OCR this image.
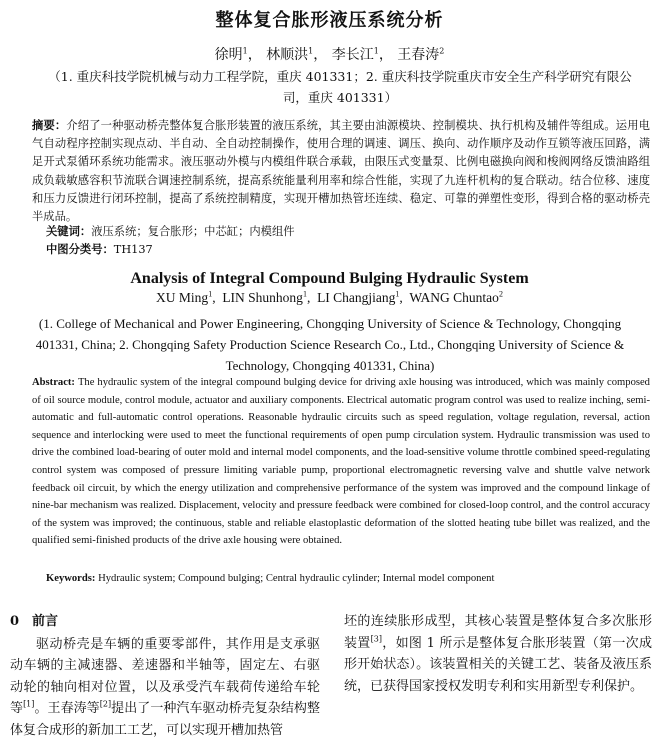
整体复合胀形液压系统分析
徐明$^1$， 林顺洪$^1$， 李长江$^1$， 王春涛$^2$
（1. 重庆科技学院机械与动力工程学院，重庆 401331；2. 重庆科技学院重庆市安全生产科学研究有限公司，重庆 401331）
摘要：介绍了一种驱动桥壳整体复合胀形装置的液压系统，其主要由油源模块、控制模块、执行机构及辅件等组成。运用电气自动程序控制实现点动、半自动、全自动控制操作，使用合理的调速、调压、换向、动作顺序及动作互锁等液压回路，满足开式泵循环系统功能需求。液压驱动外模与内模组件联合承载，由限压式变量泵、比例电磁换向阀和梭阀网络反馈油路组成负载敏感容积节流联合调速控制系统，提高系统能量利用率和综合性能，实现了九连杆机构的复合联动。结合位移、速度和压力反馈进行闭环控制，提高了系统控制精度，实现开槽加热管坯连续、稳定、可靠的弹塑性变形，得到合格的驱动桥壳半成品。
关键词：液压系统；复合胀形；中芯缸；内模组件
中图分类号：TH137
Analysis of Integral Compound Bulging Hydraulic System
XU Ming$^1$,  LIN Shunhong$^1$,  LI Changjiang$^1$,  WANG Chuntao$^2$
(1. College of Mechanical and Power Engineering, Chongqing University of Science & Technology, Chongqing 401331, China; 2. Chongqing Safety Production Science Research Co., Ltd., Chongqing University of Science & Technology, Chongqing 401331, China)
Abstract: The hydraulic system of the integral compound bulging device for driving axle housing was introduced, which was mainly composed of oil source module, control module, actuator and auxiliary components. Electrical automatic program control was used to realize inching, semi-automatic and full-automatic control operations. Reasonable hydraulic circuits such as speed regulation, voltage regulation, reversal, action sequence and interlocking were used to meet the functional requirements of open pump circulation system. Hydraulic transmission was used to drive the combined load-bearing of outer mold and internal model components, and the load-sensitive volume throttle combined speed-regulating control system was composed of pressure limiting variable pump, proportional electromagnetic reversing valve and shuttle valve network feedback oil circuit, by which the energy utilization and comprehensive performance of the system was improved and the compound linkage of nine-bar mechanism was realized. Displacement, velocity and pressure feedback were combined for closed-loop control, and the control accuracy of the system was improved; the continuous, stable and reliable elastoplastic deformation of the slotted heating tube billet was realized, and the qualified semi-finished products of the drive axle housing were obtained.
Keywords: Hydraulic system; Compound bulging; Central hydraulic cylinder; Internal model component
0　前言

驱动桥壳是车辆的重要零部件，其作用是支承驱动车辆的主减速器、差速器和半轴等，固定左、右驱动轮的轴向相对位置，以及承受汽车载荷传递给车轮等[1]。王春涛等[2]提出了一种汽车驱动桥壳复杂结构整体复合成形的新加工工艺，可以实现开槽加热管

坯的连续胀形成型，其核心装置是整体复合多次胀形装置[3]，如图 1 所示是整体复合胀形装置（第一次成形开始状态）。该装置相关的关键工艺、装备及液压系统，已获得国家授权发明专利和实用新型专利保护。
